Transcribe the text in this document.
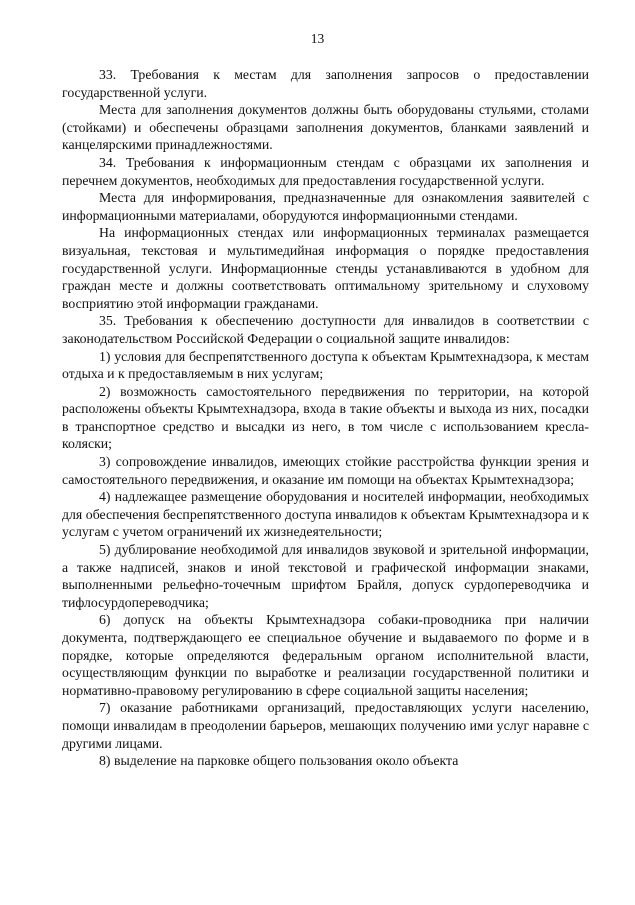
13

33. Требования к местам для заполнения запросов о предоставлении государственной услуги.

Места для заполнения документов должны быть оборудованы стульями, столами (стойками) и обеспечены образцами заполнения документов, бланками заявлений и канцелярскими принадлежностями.

34. Требования к информационным стендам с образцами их заполнения и перечнем документов, необходимых для предоставления государственной услуги.

Места для информирования, предназначенные для ознакомления заявителей с информационными материалами, оборудуются информационными стендами.

На информационных стендах или информационных терминалах размещается визуальная, текстовая и мультимедийная информация о порядке предоставления государственной услуги. Информационные стенды устанавливаются в удобном для граждан месте и должны соответствовать оптимальному зрительному и слуховому восприятию этой информации гражданами.

35. Требования к обеспечению доступности для инвалидов в соответствии с законодательством Российской Федерации о социальной защите инвалидов:

1) условия для беспрепятственного доступа к объектам Крымтехнадзора, к местам отдыха и к предоставляемым в них услугам;

2) возможность самостоятельного передвижения по территории, на которой расположены объекты Крымтехнадзора, входа в такие объекты и выхода из них, посадки в транспортное средство и высадки из него, в том числе с использованием кресла-коляски;

3) сопровождение инвалидов, имеющих стойкие расстройства функции зрения и самостоятельного передвижения, и оказание им помощи на объектах Крымтехнадзора;

4) надлежащее размещение оборудования и носителей информации, необходимых для обеспечения беспрепятственного доступа инвалидов к объектам Крымтехнадзора и к услугам с учетом ограничений их жизнедеятельности;

5) дублирование необходимой для инвалидов звуковой и зрительной информации, а также надписей, знаков и иной текстовой и графической информации знаками, выполненными рельефно-точечным шрифтом Брайля, допуск сурдопереводчика и тифлосурдопереводчика;

6) допуск на объекты Крымтехнадзора собаки-проводника при наличии документа, подтверждающего ее специальное обучение и выдаваемого по форме и в порядке, которые определяются федеральным органом исполнительной власти, осуществляющим функции по выработке и реализации государственной политики и нормативно-правовому регулированию в сфере социальной защиты населения;

7) оказание работниками организаций, предоставляющих услуги населению, помощи инвалидам в преодолении барьеров, мешающих получению ими услуг наравне с другими лицами.

8) выделение на парковке общего пользования около объекта
